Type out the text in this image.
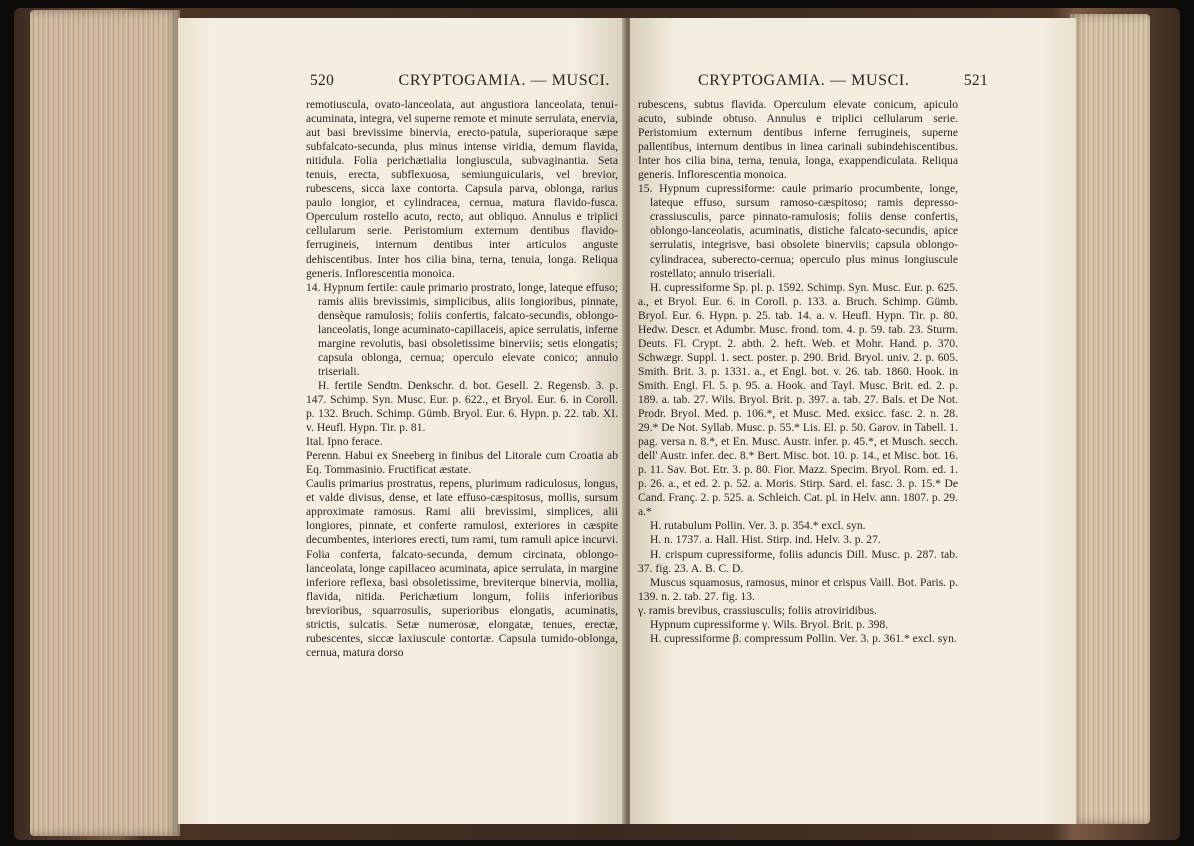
520	CRYPTOGAMIA. — MUSCI.

remotiuscula, ovato-lanceolata, aut angustiora lanceolata, tenui-acuminata, integra, vel superne remote et minute serrulata, enervia, aut basi brevissime binervia, erecto-patula, superioraque sæpe subfalcato-secunda, plus minus intense viridia, demum flavida, nitidula. Folia perichætialia longiuscula, subvaginantia. Seta tenuis, erecta, subflexuosa, semiunguicularis, vel brevior, rubescens, sicca laxe contorta. Capsula parva, oblonga, rarius paulo longior, et cylindracea, cernua, matura flavido-fusca. Operculum rostello acuto, recto, aut obliquo. Annulus e triplici cellularum serie. Peristomium externum dentibus flavido-ferrugineis, internum dentibus inter articulos anguste dehiscentibus. Inter hos cilia bina, terna, tenuia, longa. Reliqua generis. Inflorescentia monoica.

14. Hypnum fertile: caule primario prostrato, longe, lateque effuso; ramis aliis brevissimis, simplicibus, aliis longioribus, pinnate, densèque ramulosis; foliis confertis, falcato-secundis, oblongo-lanceolatis, longe acuminato-capillaceis, apice serrulatis, inferne margine revolutis, basi obsoletissime binerviis; setis elongatis; capsula oblonga, cernua; operculo elevate conico; annulo triseriali.

H. fertile Sendtn. Denkschr. d. bot. Gesell. 2. Regensb. 3. p. 147. Schimp. Syn. Musc. Eur. p. 622., et Bryol. Eur. 6. in Coroll. p. 132. Bruch. Schimp. Gümb. Bryol. Eur. 6. Hypn. p. 22. tab. XI. v. Heufl. Hypn. Tir. p. 81.

Ital. Ipno ferace.

Perenn. Habui ex Sneeberg in finibus del Litorale cum Croatia ab Eq. Tommasinio. Fructificat æstate.

Caulis primarius prostratus, repens, plurimum radiculosus, longus, et valde divisus, dense, et late effuso-cæspitosus, mollis, sursum approximate ramosus. Rami alii brevissimi, simplices, alii longiores, pinnate, et conferte ramulosi, exteriores in cæspite decumbentes, interiores erecti, tum rami, tum ramuli apice incurvi. Folia conferta, falcato-secunda, demum circinata, oblongo-lanceolata, longe capillaceo acuminata, apice serrulata, in margine inferiore reflexa, basi obsoletissime, breviterque binervia, mollia, flavida, nitida. Perichætium longum, foliis inferioribus brevioribus, squarrosulis, superioribus elongatis, acuminatis, strictis, sulcatis. Setæ numerosæ, elongatæ, tenues, erectæ, rubescentes, siccæ laxiuscule contortæ. Capsula tumido-oblonga, cernua, matura dorso

CRYPTOGAMIA. — MUSCI.	521

rubescens, subtus flavida. Operculum elevate conicum, apiculo acuto, subinde obtuso. Annulus e triplici cellularum serie. Peristomium externum dentibus inferne ferrugineis, superne pallentibus, internum dentibus in linea carinali subindehiscentibus. Inter hos cilia bina, terna, tenuia, longa, exappendiculata. Reliqua generis. Inflorescentia monoica.

15. Hypnum cupressiforme: caule primario procumbente, longe, lateque effuso, sursum ramoso-cæspitoso; ramis depresso-crassiusculis, parce pinnato-ramulosis; foliis dense confertis, oblongo-lanceolatis, acuminatis, distiche falcato-secundis, apice serrulatis, integrisve, basi obsolete binerviis; capsula oblongo-cylindracea, suberecto-cernua; operculo plus minus longiuscule rostellato; annulo triseriali.

H. cupressiforme Sp. pl. p. 1592. Schimp. Syn. Musc. Eur. p. 625. a., et Bryol. Eur. 6. in Coroll. p. 133. a. Bruch. Schimp. Gümb. Bryol. Eur. 6. Hypn. p. 25. tab. 14. a. v. Heufl. Hypn. Tir. p. 80. Hedw. Descr. et Adumbr. Musc. frond. tom. 4. p. 59. tab. 23. Sturm. Deuts. Fl. Crypt. 2. abth. 2. heft. Web. et Mohr. Hand. p. 370. Schwægr. Suppl. 1. sect. poster. p. 290. Brid. Bryol. univ. 2. p. 605. Smith. Brit. 3. p. 1331. a., et Engl. bot. v. 26. tab. 1860. Hook. in Smith. Engl. Fl. 5. p. 95. a. Hook. and Tayl. Musc. Brit. ed. 2. p. 189. a. tab. 27. Wils. Bryol. Brit. p. 397. a. tab. 27. Bals. et De Not. Prodr. Bryol. Med. p. 106.*, et Musc. Med. exsicc. fasc. 2. n. 28. 29.* De Not. Syllab. Musc. p. 55.* Lis. El. p. 50. Garov. in Tabell. 1. pag. versa n. 8.*, et En. Musc. Austr. infer. p. 45.*, et Musch. secch. dell' Austr. infer. dec. 8.* Bert. Misc. bot. 10. p. 14., et Misc. bot. 16. p. 11. Sav. Bot. Etr. 3. p. 80. Fior. Mazz. Specim. Bryol. Rom. ed. 1. p. 26. a., et ed. 2. p. 52. a. Moris. Stirp. Sard. el. fasc. 3. p. 15.* De Cand. Franç. 2. p. 525. a. Schleich. Cat. pl. in Helv. ann. 1807. p. 29. a.*

H. rutabulum Pollin. Ver. 3. p. 354.* excl. syn.

H. n. 1737. a. Hall. Hist. Stirp. ind. Helv. 3. p. 27.

H. crispum cupressiforme, foliis aduncis Dill. Musc. p. 287. tab. 37. fig. 23. A. B. C. D.

Muscus squamosus, ramosus, minor et crispus Vaill. Bot. Paris. p. 139. n. 2. tab. 27. fig. 13.

γ. ramis brevibus, crassiusculis; foliis atroviridibus.

Hypnum cupressiforme γ. Wils. Bryol. Brit. p. 398.

H. cupressiforme β. compressum Pollin. Ver. 3. p. 361.* excl. syn.
